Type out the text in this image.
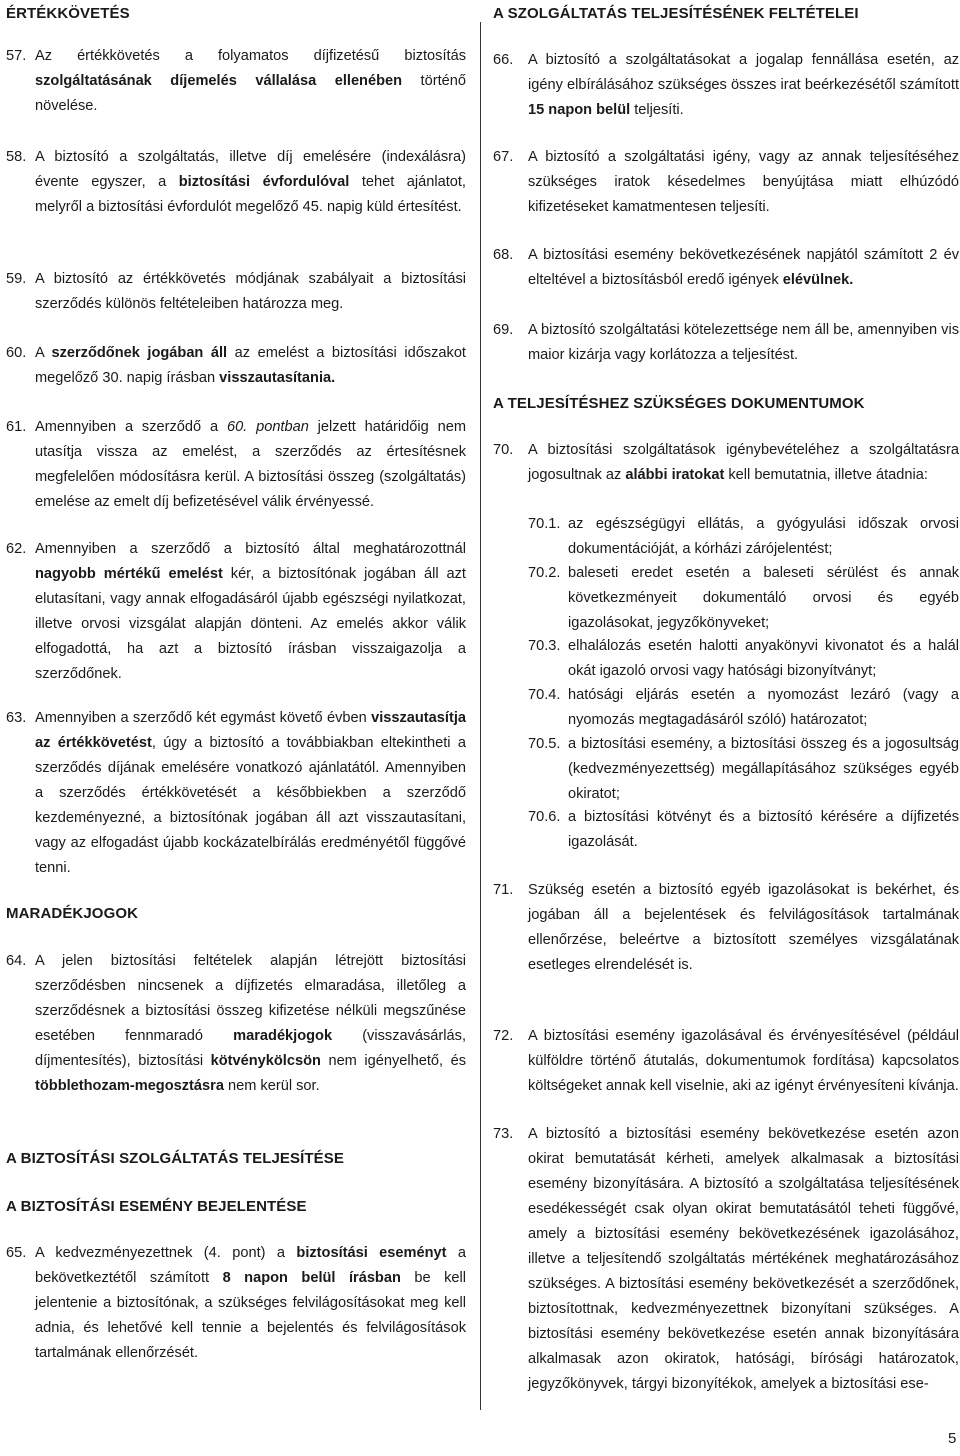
ÉRTÉKKÖVETÉS
57. Az értékkövetés a folyamatos díjfizetésű biztosítás szolgáltatásának díjemelés vállalása ellenében történő növelése.
58. A biztosító a szolgáltatás, illetve díj emelésére (indexálásra) évente egyszer, a biztosítási évfordulóval tehet ajánlatot, melyről a biztosítási évfordulót megelőző 45. napig küld értesítést.
59. A biztosító az értékkövetés módjának szabályait a biztosítási szerződés különös feltételeiben határozza meg.
60. A szerződőnek jogában áll az emelést a biztosítási időszakot megelőző 30. napig írásban visszautasítania.
61. Amennyiben a szerződő a 60. pontban jelzett határidőig nem utasítja vissza az emelést, a szerződés az értesítésnek megfelelően módosításra kerül. A biztosítási összeg (szolgáltatás) emelése az emelt díj befizetésével válik érvényessé.
62. Amennyiben a szerződő a biztosító által meghatározottnál nagyobb mértékű emelést kér, a biztosítónak jogában áll azt elutasítani, vagy annak elfogadásáról újabb egészségi nyilatkozat, illetve orvosi vizsgálat alapján dönteni. Az emelés akkor válik elfogadottá, ha azt a biztosító írásban visszaigazolja a szerződőnek.
63. Amennyiben a szerződő két egymást követő évben visszautasítja az értékkövetést, úgy a biztosító a továbbiakban eltekintheti a szerződés díjának emelésére vonatkozó ajánlatától. Amennyiben a szerződés értékkövetését a későbbiekben a szerződő kezdeményezné, a biztosítónak jogában áll azt visszautasítani, vagy az elfogadást újabb kockázatelbírálás eredményétől függővé tenni.
MARADÉKJOGOK
64. A jelen biztosítási feltételek alapján létrejött biztosítási szerződésben nincsenek a díjfizetés elmaradása, illetőleg a szerződésnek a biztosítási összeg kifizetése nélküli megszűnése esetében fennmaradó maradékjogok (visszavásárlás, díjmentesítés), biztosítási kötvénykölcsön nem igényelhető, és többlethozam-megosztásra nem kerül sor.
A BIZTOSÍTÁSI SZOLGÁLTATÁS TELJESÍTÉSE
A BIZTOSÍTÁSI ESEMÉNY BEJELENTÉSE
65. A kedvezményezettnek (4. pont) a biztosítási eseményt a bekövetkeztétől számított 8 napon belül írásban be kell jelentenie a biztosítónak, a szükséges felvilágosításokat meg kell adnia, és lehetővé kell tennie a bejelentés és felvilágosítások tartalmának ellenőrzését.
A SZOLGÁLTATÁS TELJESÍTÉSÉNEK FELTÉTELEI
66. A biztosító a szolgáltatásokat a jogalap fennállása esetén, az igény elbírálásához szükséges összes irat beérkezésétől számított 15 napon belül teljesíti.
67. A biztosító a szolgáltatási igény, vagy az annak teljesítéséhez szükséges iratok késedelmes benyújtása miatt elhúzódó kifizetéseket kamatmentesen teljesíti.
68. A biztosítási esemény bekövetkezésének napjától számított 2 év elteltével a biztosításból eredő igények elévülnek.
69. A biztosító szolgáltatási kötelezettsége nem áll be, amennyiben vis maior kizárja vagy korlátozza a teljesítést.
A TELJESÍTÉSHEZ SZÜKSÉGES DOKUMENTUMOK
70. A biztosítási szolgáltatások igénybevételéhez a szolgáltatásra jogosultnak az alábbi iratokat kell bemutatnia, illetve átadnia:
70.1. az egészségügyi ellátás, a gyógyulási időszak orvosi dokumentációját, a kórházi zárójelentést;
70.2. baleseti eredet esetén a baleseti sérülést és annak következményeit dokumentáló orvosi és egyéb igazolásokat, jegyzőkönyveket;
70.3. elhalálozás esetén halotti anyakönyvi kivonatot és a halál okát igazoló orvosi vagy hatósági bizonyítványt;
70.4. hatósági eljárás esetén a nyomozást lezáró (vagy a nyomozás megtagadásáról szóló) határozatot;
70.5. a biztosítási esemény, a biztosítási összeg és a jogosultság (kedvezményezettség) megállapításához szükséges egyéb okiratot;
70.6. a biztosítási kötvényt és a biztosító kérésére a díjfizetés igazolását.
71. Szükség esetén a biztosító egyéb igazolásokat is bekérhet, és jogában áll a bejelentések és felvilágosítások tartalmának ellenőrzése, beleértve a biztosított személyes vizsgálatának esetleges elrendelését is.
72. A biztosítási esemény igazolásával és érvényesítésével (például külföldre történő átutalás, dokumentumok fordítása) kapcsolatos költségeket annak kell viselnie, aki az igényt érvényesíteni kívánja.
73. A biztosító a biztosítási esemény bekövetkezése esetén azon okirat bemutatását kérheti, amelyek alkalmasak a biztosítási esemény bizonyítására. A biztosító a szolgáltatása teljesítésének esedékességét csak olyan okirat bemutatásától teheti függővé, amely a biztosítási esemény bekövetkezésének igazolásához, illetve a teljesítendő szolgáltatás mértékének meghatározásához szükséges. A biztosítási esemény bekövetkezését a szerződőnek, biztosítottnak, kedvezményezettnek bizonyítani szükséges. A biztosítási esemény bekövetkezése esetén annak bizonyítására alkalmasak azon okiratok, hatósági, bírósági határozatok, jegyzőkönyvek, tárgyi bizonyítékok, amelyek a biztosítási ese-
5
